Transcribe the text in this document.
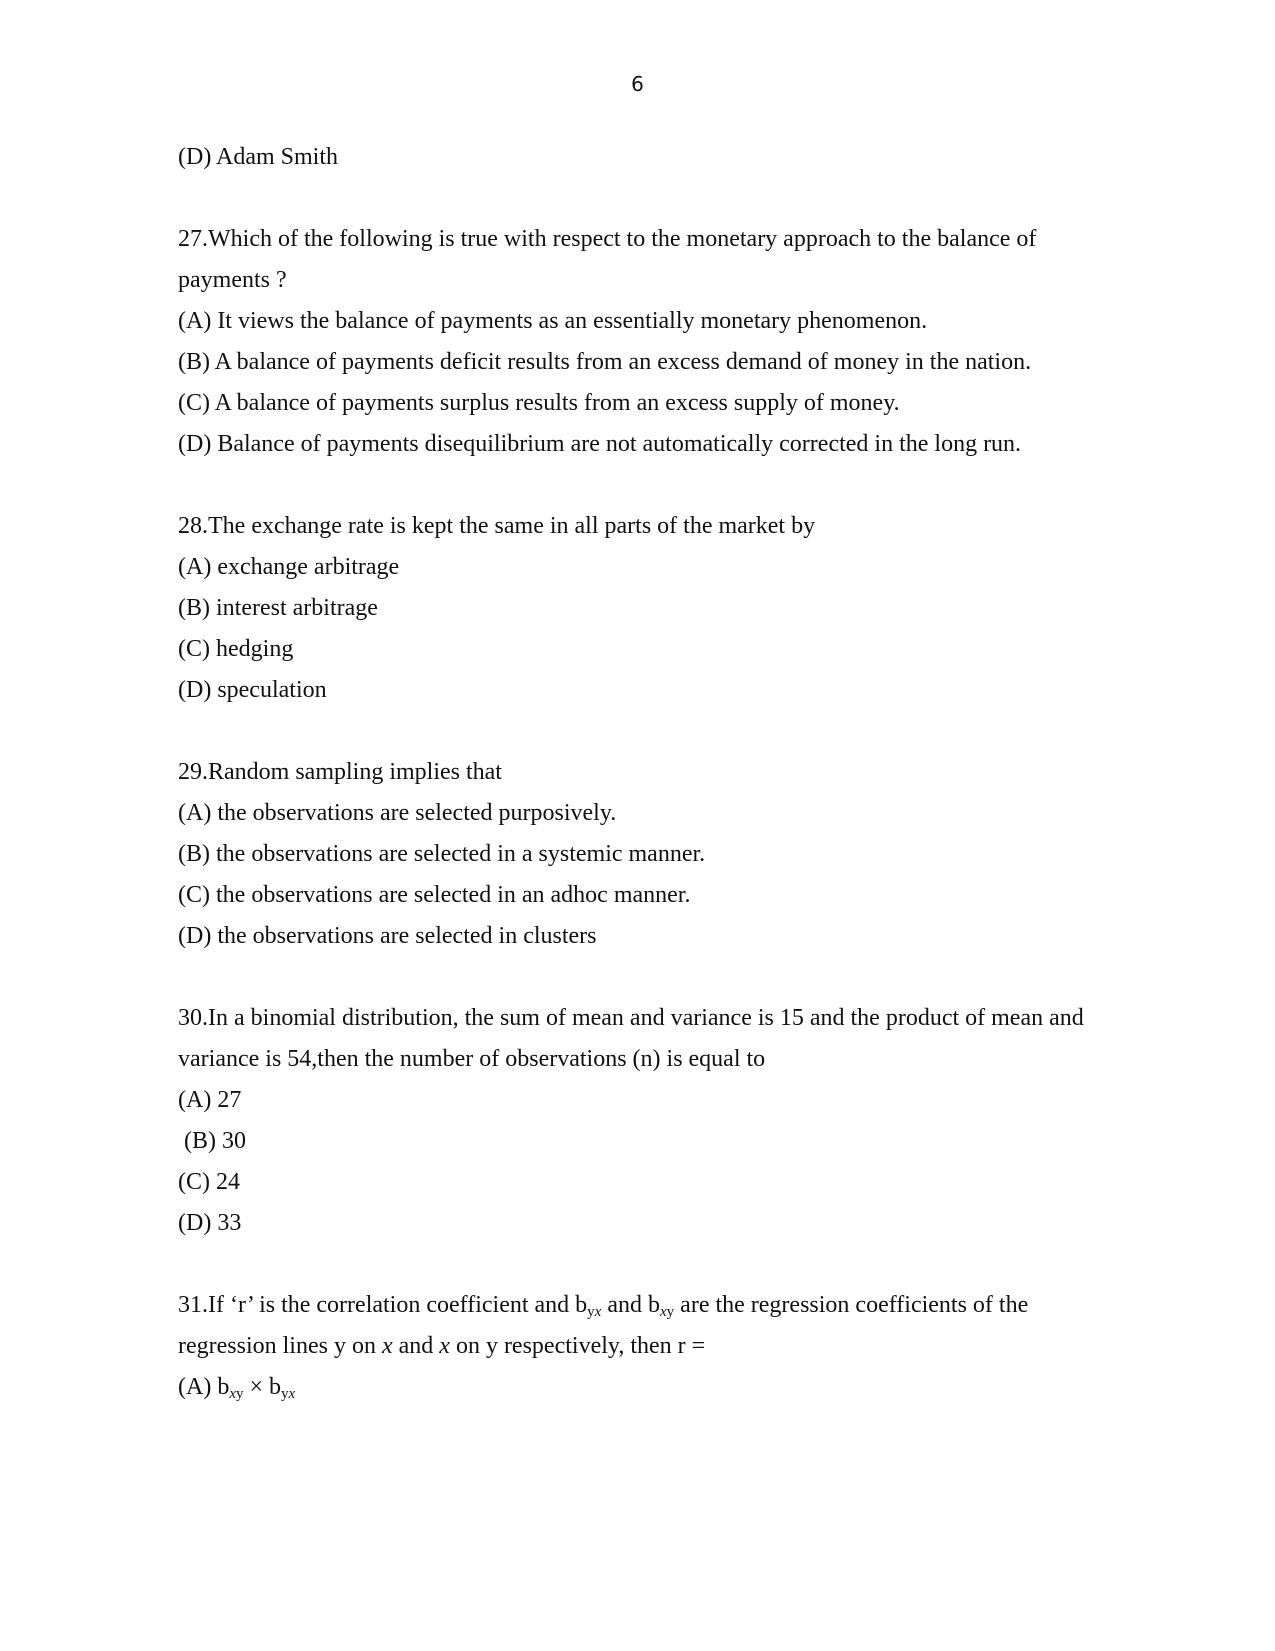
6
(D) Adam Smith
27.Which of the following is true with respect to the monetary approach to the balance of
payments ?
(A) It views the balance of payments as an essentially monetary phenomenon.
(B) A balance of payments deficit results from an excess demand of money in the nation.
(C) A balance of payments surplus results from an excess supply of money.
(D) Balance of payments disequilibrium are not automatically corrected in the long run.
28.The exchange rate is kept the same in all parts of the market by
(A) exchange arbitrage
(B) interest arbitrage
(C) hedging
(D) speculation
29.Random sampling implies that
(A) the observations are selected purposively.
(B) the observations are selected in a systemic manner.
(C) the observations are selected in an adhoc manner.
(D) the observations are selected in clusters
30.In a binomial distribution, the sum of mean and variance is 15 and the product of mean and
variance is 54,then the number of observations (n) is equal to
(A) 27
(B) 30
(C) 24
(D) 33
31.If ‘r’ is the correlation coefficient and $b_{yx}$ and $b_{xy}$ are the regression coefficients of the
regression lines y on x and x on y respectively, then r =
(A) $b_{xy} \times b_{yx}$
